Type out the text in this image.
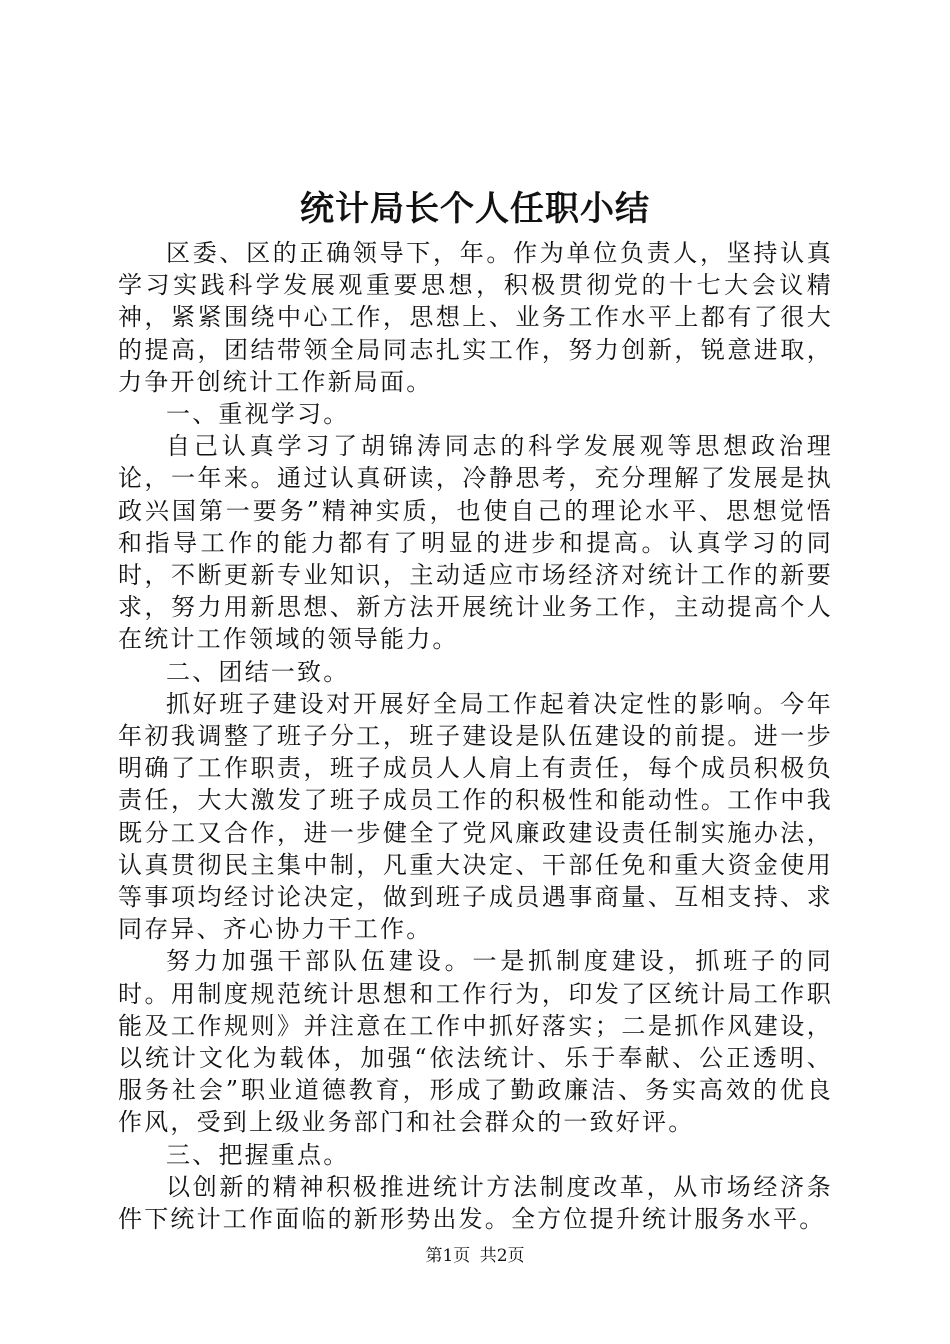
统计局长个人任职小结

区委、区的正确领导下，年。作为单位负责人，坚持认真学习实践科学发展观重要思想，积极贯彻党的十七大会议精神，紧紧围绕中心工作，思想上、业务工作水平上都有了很大的提高，团结带领全局同志扎实工作，努力创新，锐意进取，力争开创统计工作新局面。

一、重视学习。

自己认真学习了胡锦涛同志的科学发展观等思想政治理论，一年来。通过认真研读，冷静思考，充分理解了发展是执政兴国第一要务”精神实质，也使自己的理论水平、思想觉悟和指导工作的能力都有了明显的进步和提高。认真学习的同时，不断更新专业知识，主动适应市场经济对统计工作的新要求，努力用新思想、新方法开展统计业务工作，主动提高个人在统计工作领域的领导能力。

二、团结一致。

抓好班子建设对开展好全局工作起着决定性的影响。今年年初我调整了班子分工，班子建设是队伍建设的前提。进一步明确了工作职责，班子成员人人肩上有责任，每个成员积极负责任，大大激发了班子成员工作的积极性和能动性。工作中我既分工又合作，进一步健全了党风廉政建设责任制实施办法，认真贯彻民主集中制，凡重大决定、干部任免和重大资金使用等事项均经讨论决定，做到班子成员遇事商量、互相支持、求同存异、齐心协力干工作。

努力加强干部队伍建设。一是抓制度建设，抓班子的同时。用制度规范统计思想和工作行为，印发了区统计局工作职能及工作规则》并注意在工作中抓好落实；二是抓作风建设，以统计文化为载体，加强“依法统计、乐于奉献、公正透明、服务社会”职业道德教育，形成了勤政廉洁、务实高效的优良作风，受到上级业务部门和社会群众的一致好评。

三、把握重点。

以创新的精神积极推进统计方法制度改革，从市场经济条件下统计工作面临的新形势出发。全方位提升统计服务水平。

第1页 共2页
